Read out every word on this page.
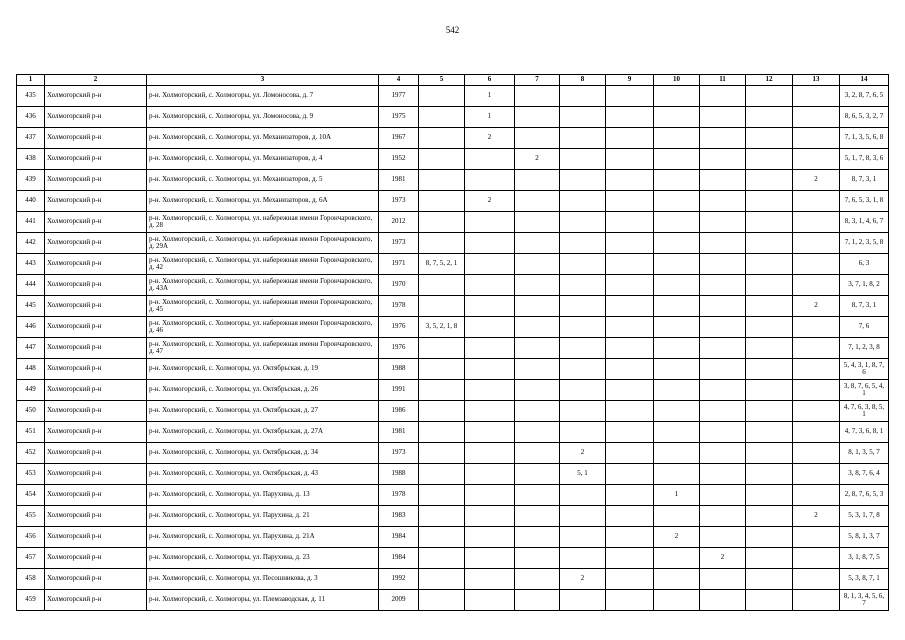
542
1	2	3	4	5	6	7	8	9	10	11	12	13	14
435	Холмогорский р-н	р-н. Холмогорский, с. Холмогоры, ул. Ломоносова, д. 7	1977		1								3, 2, 8, 7, 6, 5
436	Холмогорский р-н	р-н. Холмогорский, с. Холмогоры, ул. Ломоносова, д. 9	1975		1								8, 6, 5, 3, 2, 7
437	Холмогорский р-н	р-н. Холмогорский, с. Холмогоры, ул. Механизаторов, д. 10А	1967		2								7, 1, 3, 5, 6, 8
438	Холмогорский р-н	р-н. Холмогорский, с. Холмогоры, ул. Механизаторов, д. 4	1952			2							5, 1, 7, 8, 3, 6
439	Холмогорский р-н	р-н. Холмогорский, с. Холмогоры, ул. Механизаторов, д. 5	1981									2	8, 7, 3, 1
440	Холмогорский р-н	р-н. Холмогорский, с. Холмогоры, ул. Механизаторов, д. 6А	1973		2								7, 6, 5, 3, 1, 8
441	Холмогорский р-н	р-н. Холмогорский, с. Холмогоры, ул. набережная имени Горончаровского, д. 28	2012										8, 3, 1, 4, 6, 7
442	Холмогорский р-н	р-н. Холмогорский, с. Холмогоры, ул. набережная имени Горончаровского, д. 29А	1973										7, 1, 2, 3, 5, 8
443	Холмогорский р-н	р-н. Холмогорский, с. Холмогоры, ул. набережная имени Горончаровского, д. 42	1971	8, 7, 5, 2, 1									6, 3
444	Холмогорский р-н	р-н. Холмогорский, с. Холмогоры, ул. набережная имени Горончаровского, д. 43А	1970										3, 7, 1, 8, 2
445	Холмогорский р-н	р-н. Холмогорский, с. Холмогоры, ул. набережная имени Горончаровского, д. 45	1978									2	8, 7, 3, 1
446	Холмогорский р-н	р-н. Холмогорский, с. Холмогоры, ул. набережная имени Горончаровского, д. 46	1976	3, 5, 2, 1, 8									7, 6
447	Холмогорский р-н	р-н. Холмогорский, с. Холмогоры, ул. набережная имени Горончаровского, д. 47	1976										7, 1, 2, 3, 8
448	Холмогорский р-н	р-н. Холмогорский, с. Холмогоры, ул. Октябрьская, д. 19	1988										5, 4, 3, 1, 8, 7, 6
449	Холмогорский р-н	р-н. Холмогорский, с. Холмогоры, ул. Октябрьская, д. 26	1991										3, 8, 7, 6, 5, 4, 1
450	Холмогорский р-н	р-н. Холмогорский, с. Холмогоры, ул. Октябрьская, д. 27	1986										4, 7, 6, 3, 8, 5, 1
451	Холмогорский р-н	р-н. Холмогорский, с. Холмогоры, ул. Октябрьская, д. 27А	1981										4, 7, 3, 6, 8, 1
452	Холмогорский р-н	р-н. Холмогорский, с. Холмогоры, ул. Октябрьская, д. 34	1973				2						8, 1, 3, 5, 7
453	Холмогорский р-н	р-н. Холмогорский, с. Холмогоры, ул. Октябрьская, д. 43	1988				5, 1						3, 8, 7, 6, 4
454	Холмогорский р-н	р-н. Холмогорский, с. Холмогоры, ул. Парухина, д. 13	1978						1				2, 8, 7, 6, 5, 3
455	Холмогорский р-н	р-н. Холмогорский, с. Холмогоры, ул. Парухина, д. 21	1983									2	5, 3, 1, 7, 8
456	Холмогорский р-н	р-н. Холмогорский, с. Холмогоры, ул. Парухина, д. 21А	1984						2				5, 8, 1, 3, 7
457	Холмогорский р-н	р-н. Холмогорский, с. Холмогоры, ул. Парухина, д. 23	1984							2			3, 1, 8, 7, 5
458	Холмогорский р-н	р-н. Холмогорский, с. Холмогоры, ул. Песошникова, д. 3	1992				2						5, 3, 8, 7, 1
459	Холмогорский р-н	р-н. Холмогорский, с. Холмогоры, ул. Племзаводская, д. 11	2009										8, 1, 3, 4, 5, 6, 7
